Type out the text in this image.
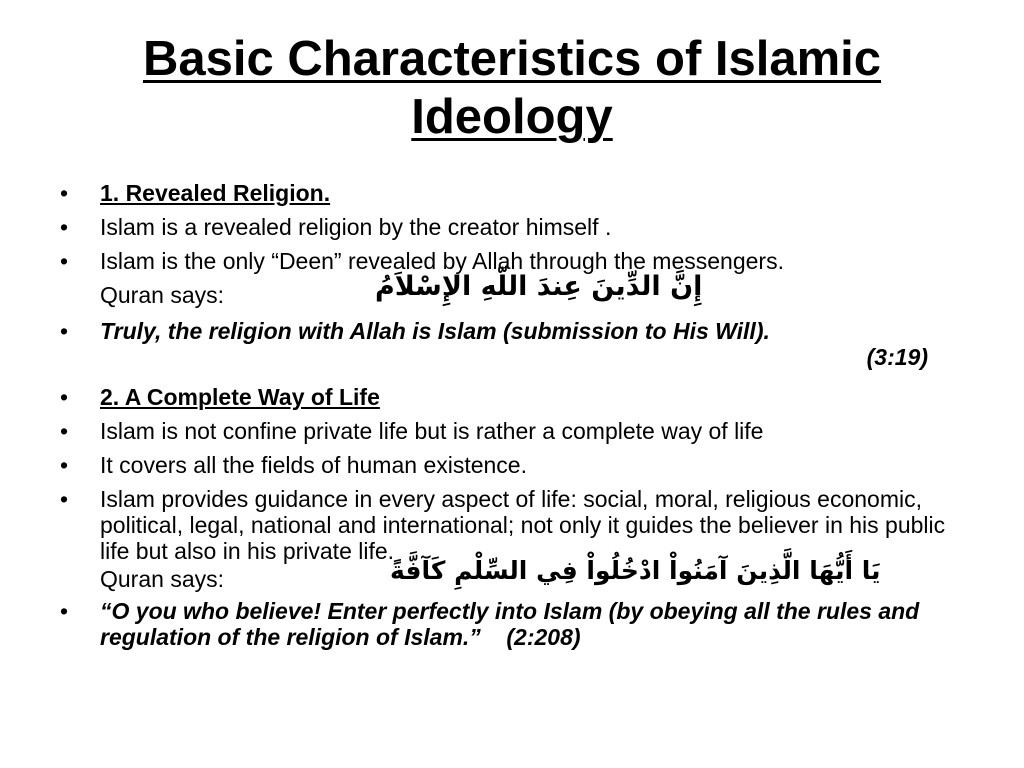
Basic Characteristics of Islamic Ideology
• 1. Revealed Religion.
• Islam is a revealed religion by the creator himself .
• Islam is the only “Deen” revealed by Allah through the messengers.
Quran says:	إِنَّ الدِّينَ عِندَ اللّهِ الإِسْلاَمُ
• Truly, the religion with Allah is Islam (submission to His Will).
(3:19)
• 2. A Complete Way of Life
• Islam is not confine private life but is rather a complete way of life
• It covers all the fields of human existence.
• Islam provides guidance in every aspect of life: social, moral, religious economic, political, legal, national and international; not only it guides the believer in his public life but also in his private life.
Quran says:	يَا أَيُّهَا الَّذِينَ آمَنُواْ ادْخُلُواْ فِي السِّلْمِ كَآفَّةً
• “O you who believe! Enter perfectly into Islam (by obeying all the rules and regulation of the religion of Islam.” (2:208)
